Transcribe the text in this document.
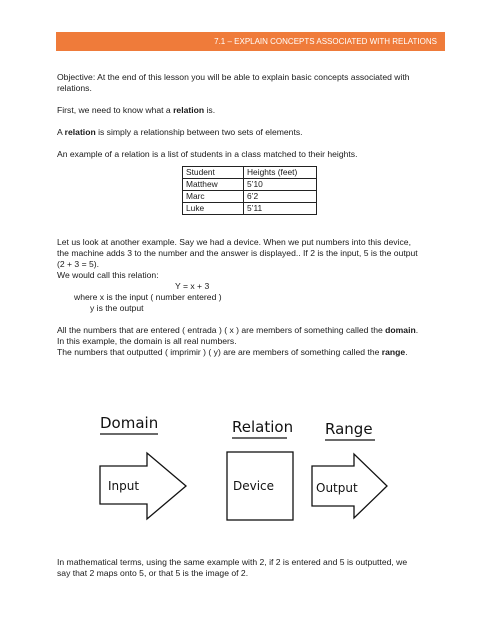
7.1 – EXPLAIN CONCEPTS ASSOCIATED WITH RELATIONS

Objective: At the end of this lesson you will be able to explain basic concepts associated with relations.

First, we need to know what a relation is.

A relation is simply a relationship between two sets of elements.

An example of a relation is a list of students in a class matched to their heights.

Student	Heights (feet)
Matthew	5’10
Marc	6’2
Luke	5’11

Let us look at another example. Say we had a device. When we put numbers into this device,

the machine adds 3 to the number and the answer is displayed.. If 2 is the input, 5 is the output

(2 + 3 = 5).

We would call this relation:

Y = x + 3

where x is the input ( number entered )

y is the output

All the numbers that are entered ( entrada ) ( x ) are members of something called the domain.

In this example, the domain is all real numbers.

The numbers that outputted ( imprimir ) ( y) are are members of something called the range.

Domain	Relation Range
Input	Device	Output

In mathematical terms, using the same example with 2, if 2 is entered and 5 is outputted, we

say that 2 maps onto 5, or that 5 is the image of 2.
